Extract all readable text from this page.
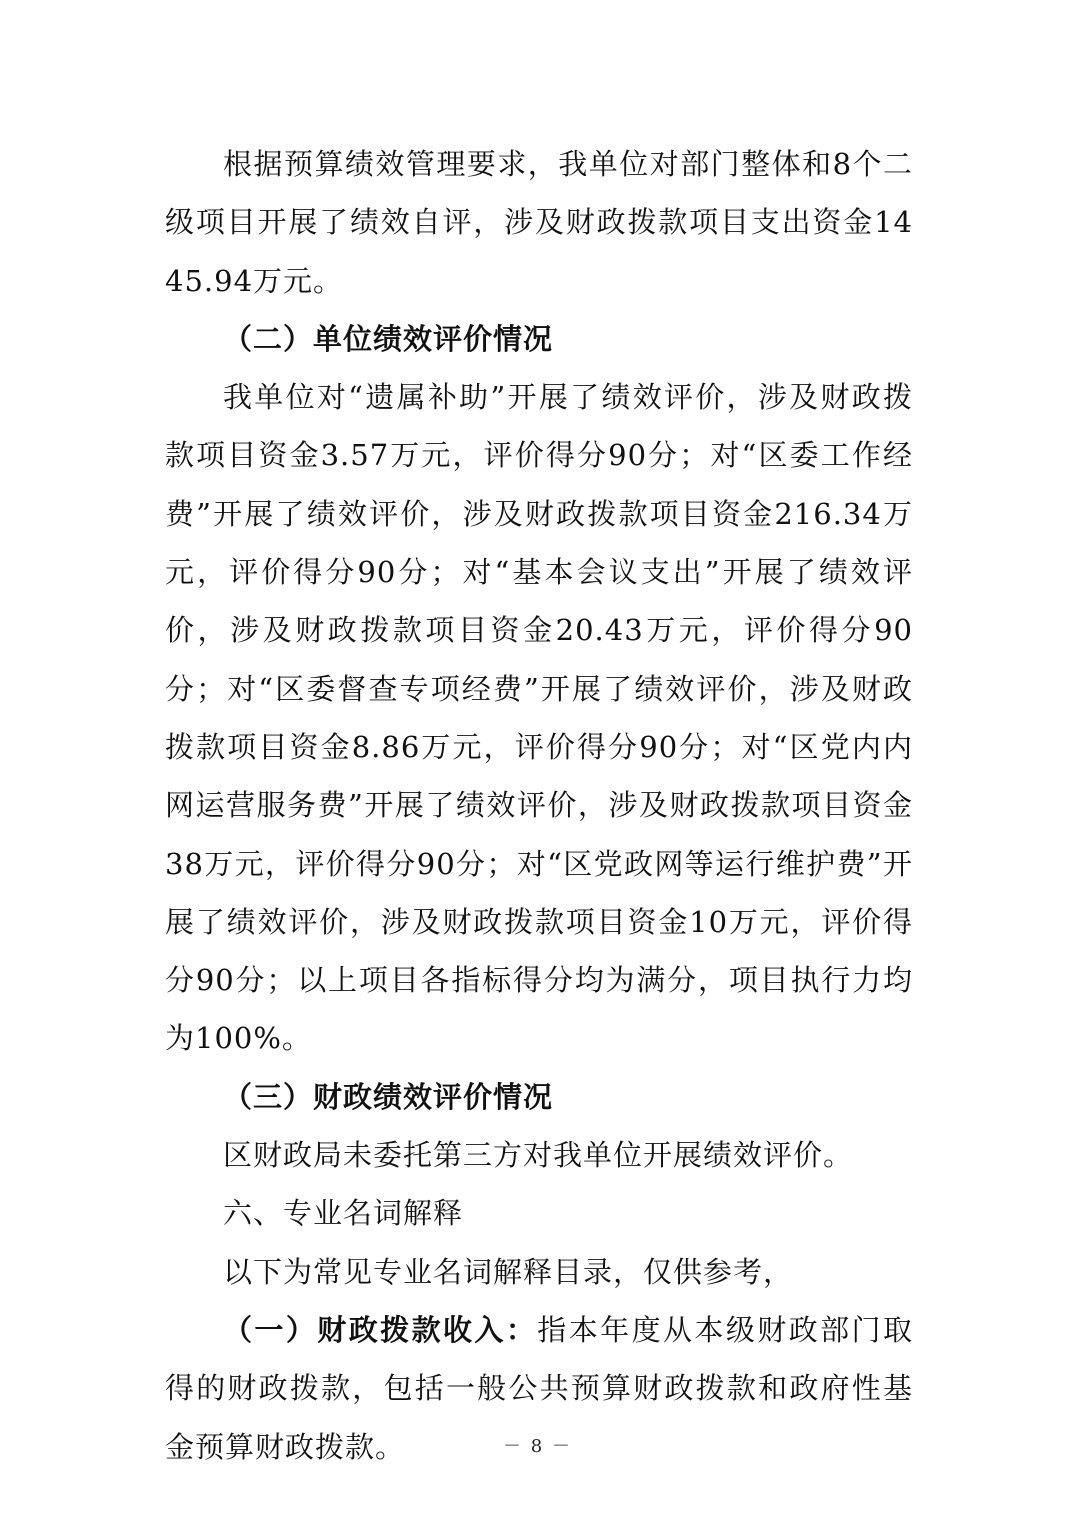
根据预算绩效管理要求，我单位对部门整体和8个二级项目开展了绩效自评，涉及财政拨款项目支出资金1445.94万元。

（二）单位绩效评价情况

我单位对“遗属补助”开展了绩效评价，涉及财政拨款项目资金3.57万元，评价得分90分；对“区委工作经费”开展了绩效评价，涉及财政拨款项目资金216.34万元，评价得分90分；对“基本会议支出”开展了绩效评价，涉及财政拨款项目资金20.43万元，评价得分90分；对“区委督查专项经费”开展了绩效评价，涉及财政拨款项目资金8.86万元，评价得分90分；对“区党内内网运营服务费”开展了绩效评价，涉及财政拨款项目资金38万元，评价得分90分；对“区党政网等运行维护费”开展了绩效评价，涉及财政拨款项目资金10万元，评价得分90分；以上项目各指标得分均为满分，项目执行力均为100%。

（三）财政绩效评价情况

区财政局未委托第三方对我单位开展绩效评价。

六、专业名词解释

以下为常见专业名词解释目录，仅供参考，

（一）财政拨款收入：指本年度从本级财政部门取得的财政拨款，包括一般公共预算财政拨款和政府性基金预算财政拨款。	－ 8 －
